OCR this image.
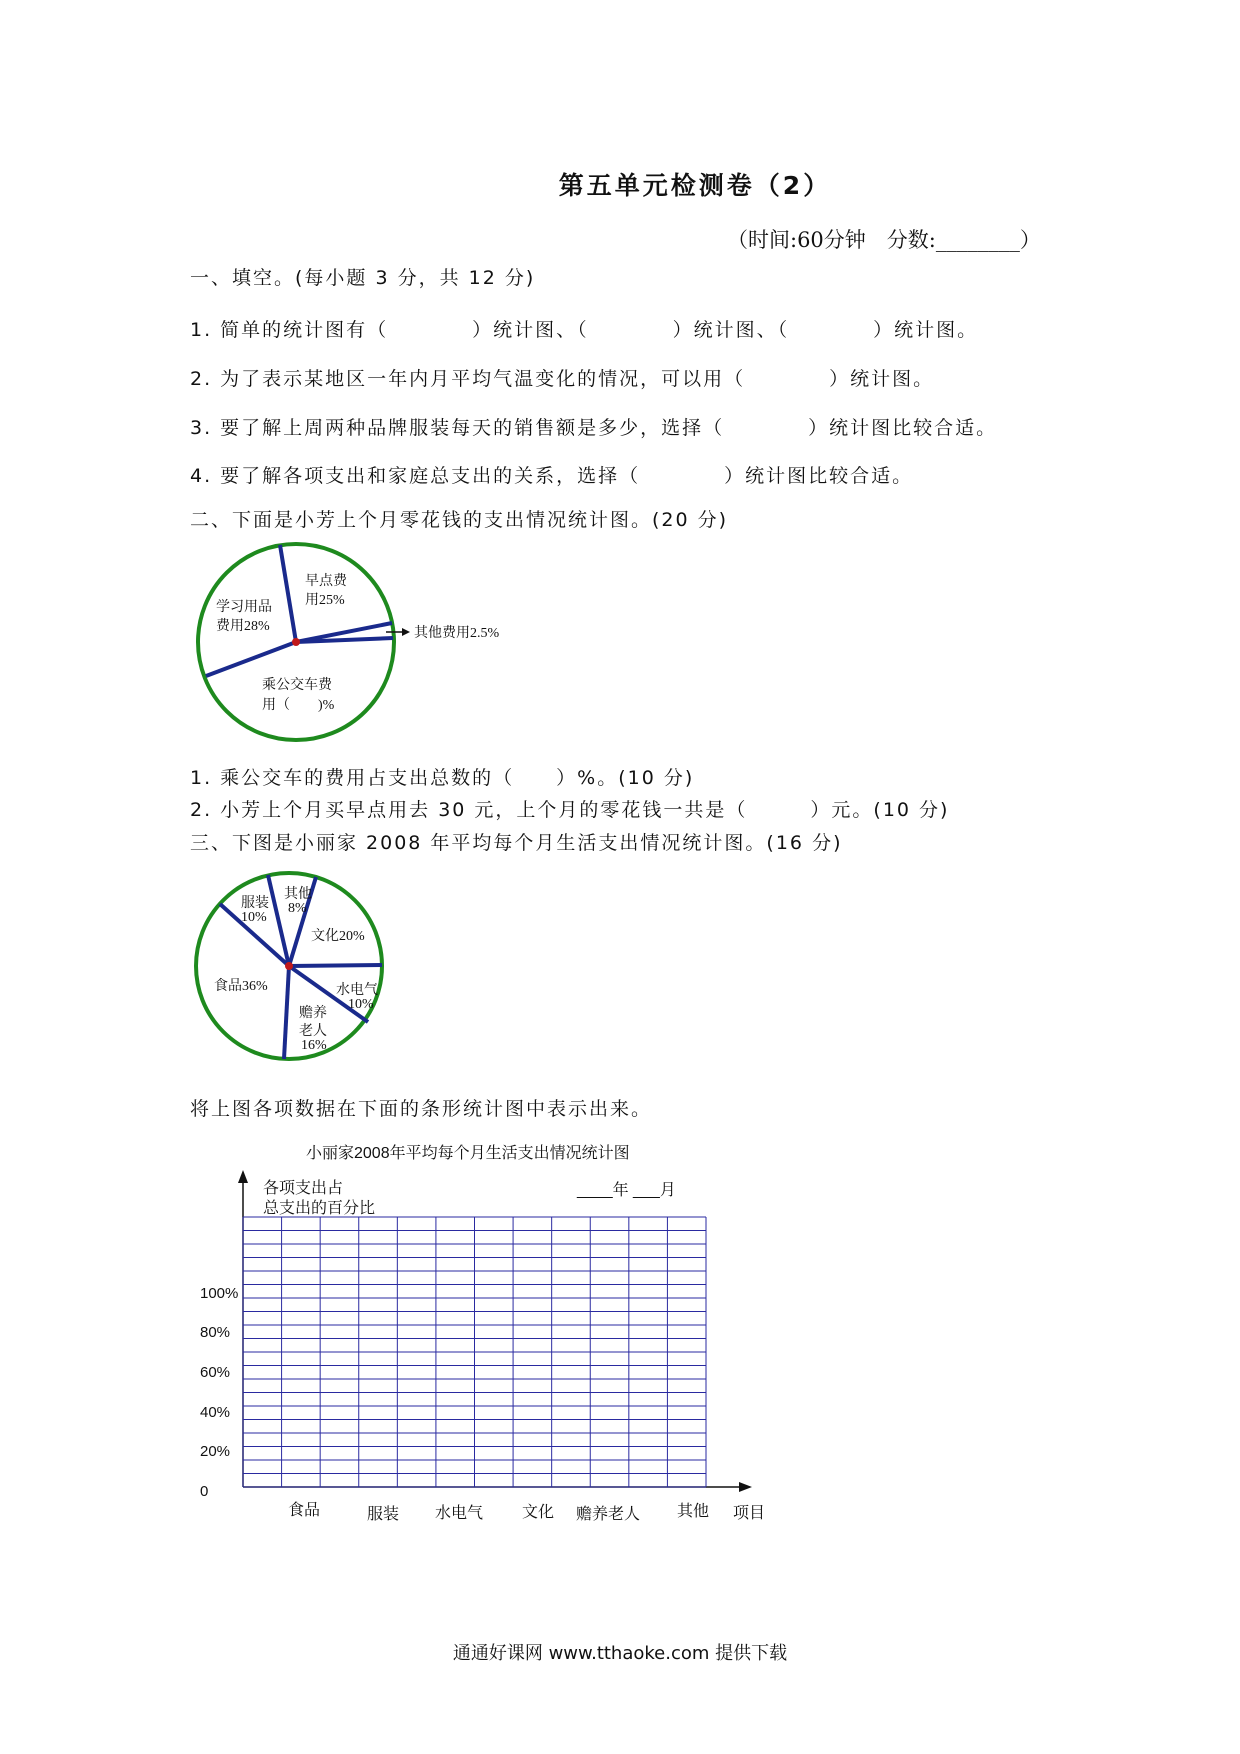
第五单元检测卷（2）
（时间:60分钟　分数:________）
一、填空。(每小题 3 分，共 12 分)
1. 简单的统计图有（　　　　）统计图、（　　　　）统计图、（　　　　）统计图。
2. 为了表示某地区一年内月平均气温变化的情况，可以用（　　　　）统计图。
3. 要了解上周两种品牌服装每天的销售额是多少，选择（　　　　）统计图比较合适。
4. 要了解各项支出和家庭总支出的关系，选择（　　　　）统计图比较合适。
二、下面是小芳上个月零花钱的支出情况统计图。(20 分)
早点费
用25%
学习用品
费用28%	其他费用2.5%
乘公交车费
用（　　)%
1. 乘公交车的费用占支出总数的（　　）%。(10 分)
2. 小芳上个月买早点用去 30 元，上个月的零花钱一共是（　　　）元。(10 分)
三、下图是小丽家 2008 年平均每个月生活支出情况统计图。(16 分)
服装
10%
其他
8%
文化20%
食品36%	水电气
10%
赡养
老人
16%
将上图各项数据在下面的条形统计图中表示出来。
小丽家2008年平均每个月生活支出情况统计图
各项支出占
总支出的百分比
____年 ___月
0
20%
40%
60%
80%
100%
食品	服装 水电气 文化 赡养老人 其他 项目
通通好课网 www.tthaoke.com 提供下载
